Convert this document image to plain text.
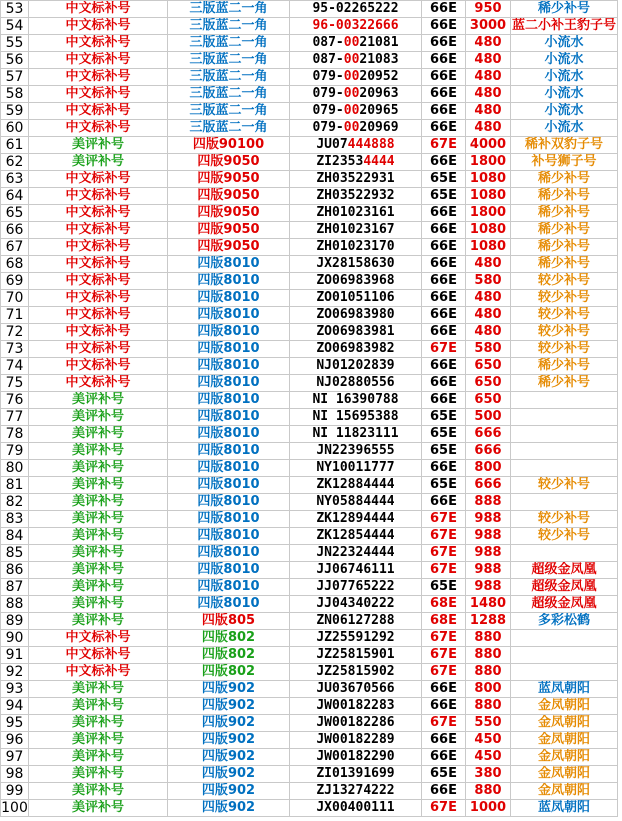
53	中文标补号	三版蓝二一角	95-02265222	66E	950	稀少补号
54	中文标补号	三版蓝二一角	96-00322666	66E	3000	蓝二小补王豹子号
55	中文标补号	三版蓝二一角	087-0021081	66E	480	小流水
56	中文标补号	三版蓝二一角	087-0021083	66E	480	小流水
57	中文标补号	三版蓝二一角	079-0020952	66E	480	小流水
58	中文标补号	三版蓝二一角	079-0020963	66E	480	小流水
59	中文标补号	三版蓝二一角	079-0020965	66E	480	小流水
60	中文标补号	三版蓝二一角	079-0020969	66E	480	小流水
61	美评补号	四版90100	JU07444888	67E	4000	稀补双豹子号
62	美评补号	四版9050	ZI23534444	66E	1800	补号狮子号
63	中文标补号	四版9050	ZH03522931	65E	1080	稀少补号
64	中文标补号	四版9050	ZH03522932	65E	1080	稀少补号
65	中文标补号	四版9050	ZH01023161	66E	1800	稀少补号
66	中文标补号	四版9050	ZH01023167	66E	1080	稀少补号
67	中文标补号	四版9050	ZH01023170	66E	1080	稀少补号
68	中文标补号	四版8010	JX28158630	66E	480	稀少补号
69	中文标补号	四版8010	ZO06983968	66E	580	较少补号
70	中文标补号	四版8010	ZO01051106	66E	480	较少补号
71	中文标补号	四版8010	ZO06983980	66E	480	较少补号
72	中文标补号	四版8010	ZO06983981	66E	480	较少补号
73	中文标补号	四版8010	ZO06983982	67E	580	较少补号
74	中文标补号	四版8010	NJ01202839	66E	650	稀少补号
75	中文标补号	四版8010	NJ02880556	66E	650	稀少补号
76	美评补号	四版8010	NI 16390788	66E	650	
77	美评补号	四版8010	NI 15695388	65E	500	
78	美评补号	四版8010	NI 11823111	65E	666	
79	美评补号	四版8010	JN22396555	65E	666	
80	美评补号	四版8010	NY10011777	66E	800	
81	美评补号	四版8010	ZK12884444	65E	666	较少补号
82	美评补号	四版8010	NY05884444	66E	888	
83	美评补号	四版8010	ZK12894444	67E	988	较少补号
84	美评补号	四版8010	ZK12854444	67E	988	较少补号
85	美评补号	四版8010	JN22324444	67E	988	
86	美评补号	四版8010	JJ06746111	67E	988	超级金凤凰
87	美评补号	四版8010	JJ07765222	65E	988	超级金凤凰
88	美评补号	四版8010	JJ04340222	68E	1480	超级金凤凰
89	美评补号	四版805	ZN06127288	68E	1288	多彩松鹤
90	中文标补号	四版802	JZ25591292	67E	880	
91	中文标补号	四版802	JZ25815901	67E	880	
92	中文标补号	四版802	JZ25815902	67E	880	
93	美评补号	四版902	JU03670566	66E	800	蓝凤朝阳
94	美评补号	四版902	JW00182283	66E	880	金凤朝阳
95	美评补号	四版902	JW00182286	67E	550	金凤朝阳
96	美评补号	四版902	JW00182289	66E	450	金凤朝阳
97	美评补号	四版902	JW00182290	66E	450	金凤朝阳
98	美评补号	四版902	ZI01391699	65E	380	金凤朝阳
99	美评补号	四版902	ZJ13274222	66E	880	金凤朝阳
100	美评补号	四版902	JX00400111	67E	1000	蓝凤朝阳
